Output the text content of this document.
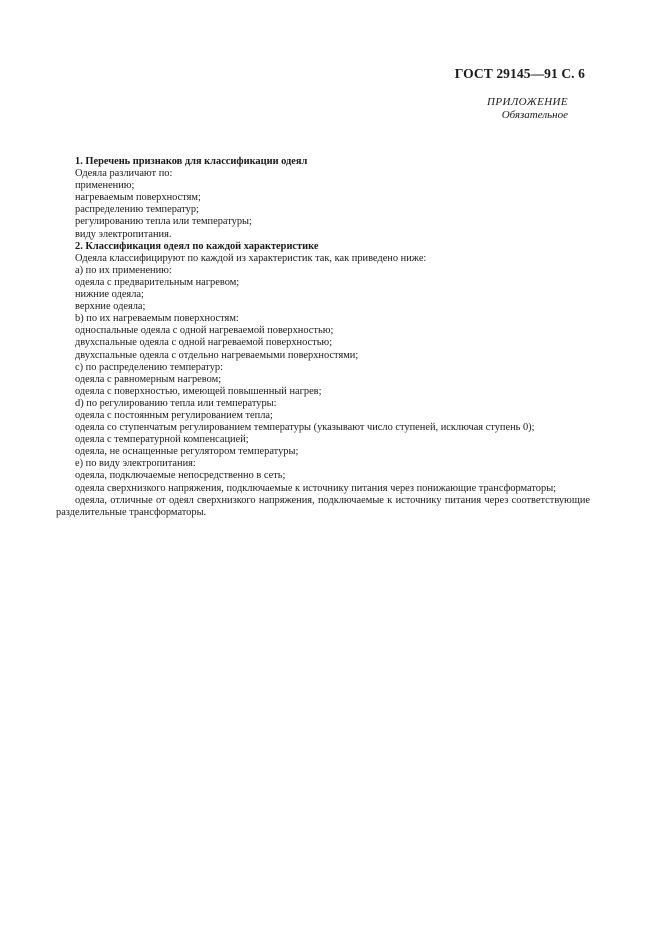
ГОСТ 29145—91 С. 6
ПРИЛОЖЕНИЕ
Обязательное
1. Перечень признаков для классификации одеял
Одеяла различают по:
применению;
нагреваемым поверхностям;
распределению температур;
регулированию тепла или температуры;
виду электропитания.
2. Классификация одеял по каждой характеристике
Одеяла классифицируют по каждой из характеристик так, как приведено ниже:
а) по их применению:
одеяла с предварительным нагревом;
нижние одеяла;
верхние одеяла;
b) по их нагреваемым поверхностям:
односпальные одеяла с одной нагреваемой поверхностью;
двухспальные одеяла с одной нагреваемой поверхностью;
двухспальные одеяла с отдельно нагреваемыми поверхностями;
с) по распределению температур:
одеяла с равномерным нагревом;
одеяла с поверхностью, имеющей повышенный нагрев;
d) по регулированию тепла или температуры:
одеяла с постоянным регулированием тепла;
одеяла со ступенчатым регулированием температуры (указывают число ступеней, исключая ступень 0);
одеяла с температурной компенсацией;
одеяла, не оснащенные регулятором температуры;
е) по виду электропитания:
одеяла, подключаемые непосредственно в сеть;
одеяла сверхнизкого напряжения, подключаемые к источнику питания через понижающие трансформаторы;
одеяла, отличные от одеял сверхнизкого напряжения, подключаемые к источнику питания через соответствующие разделительные трансформаторы.
